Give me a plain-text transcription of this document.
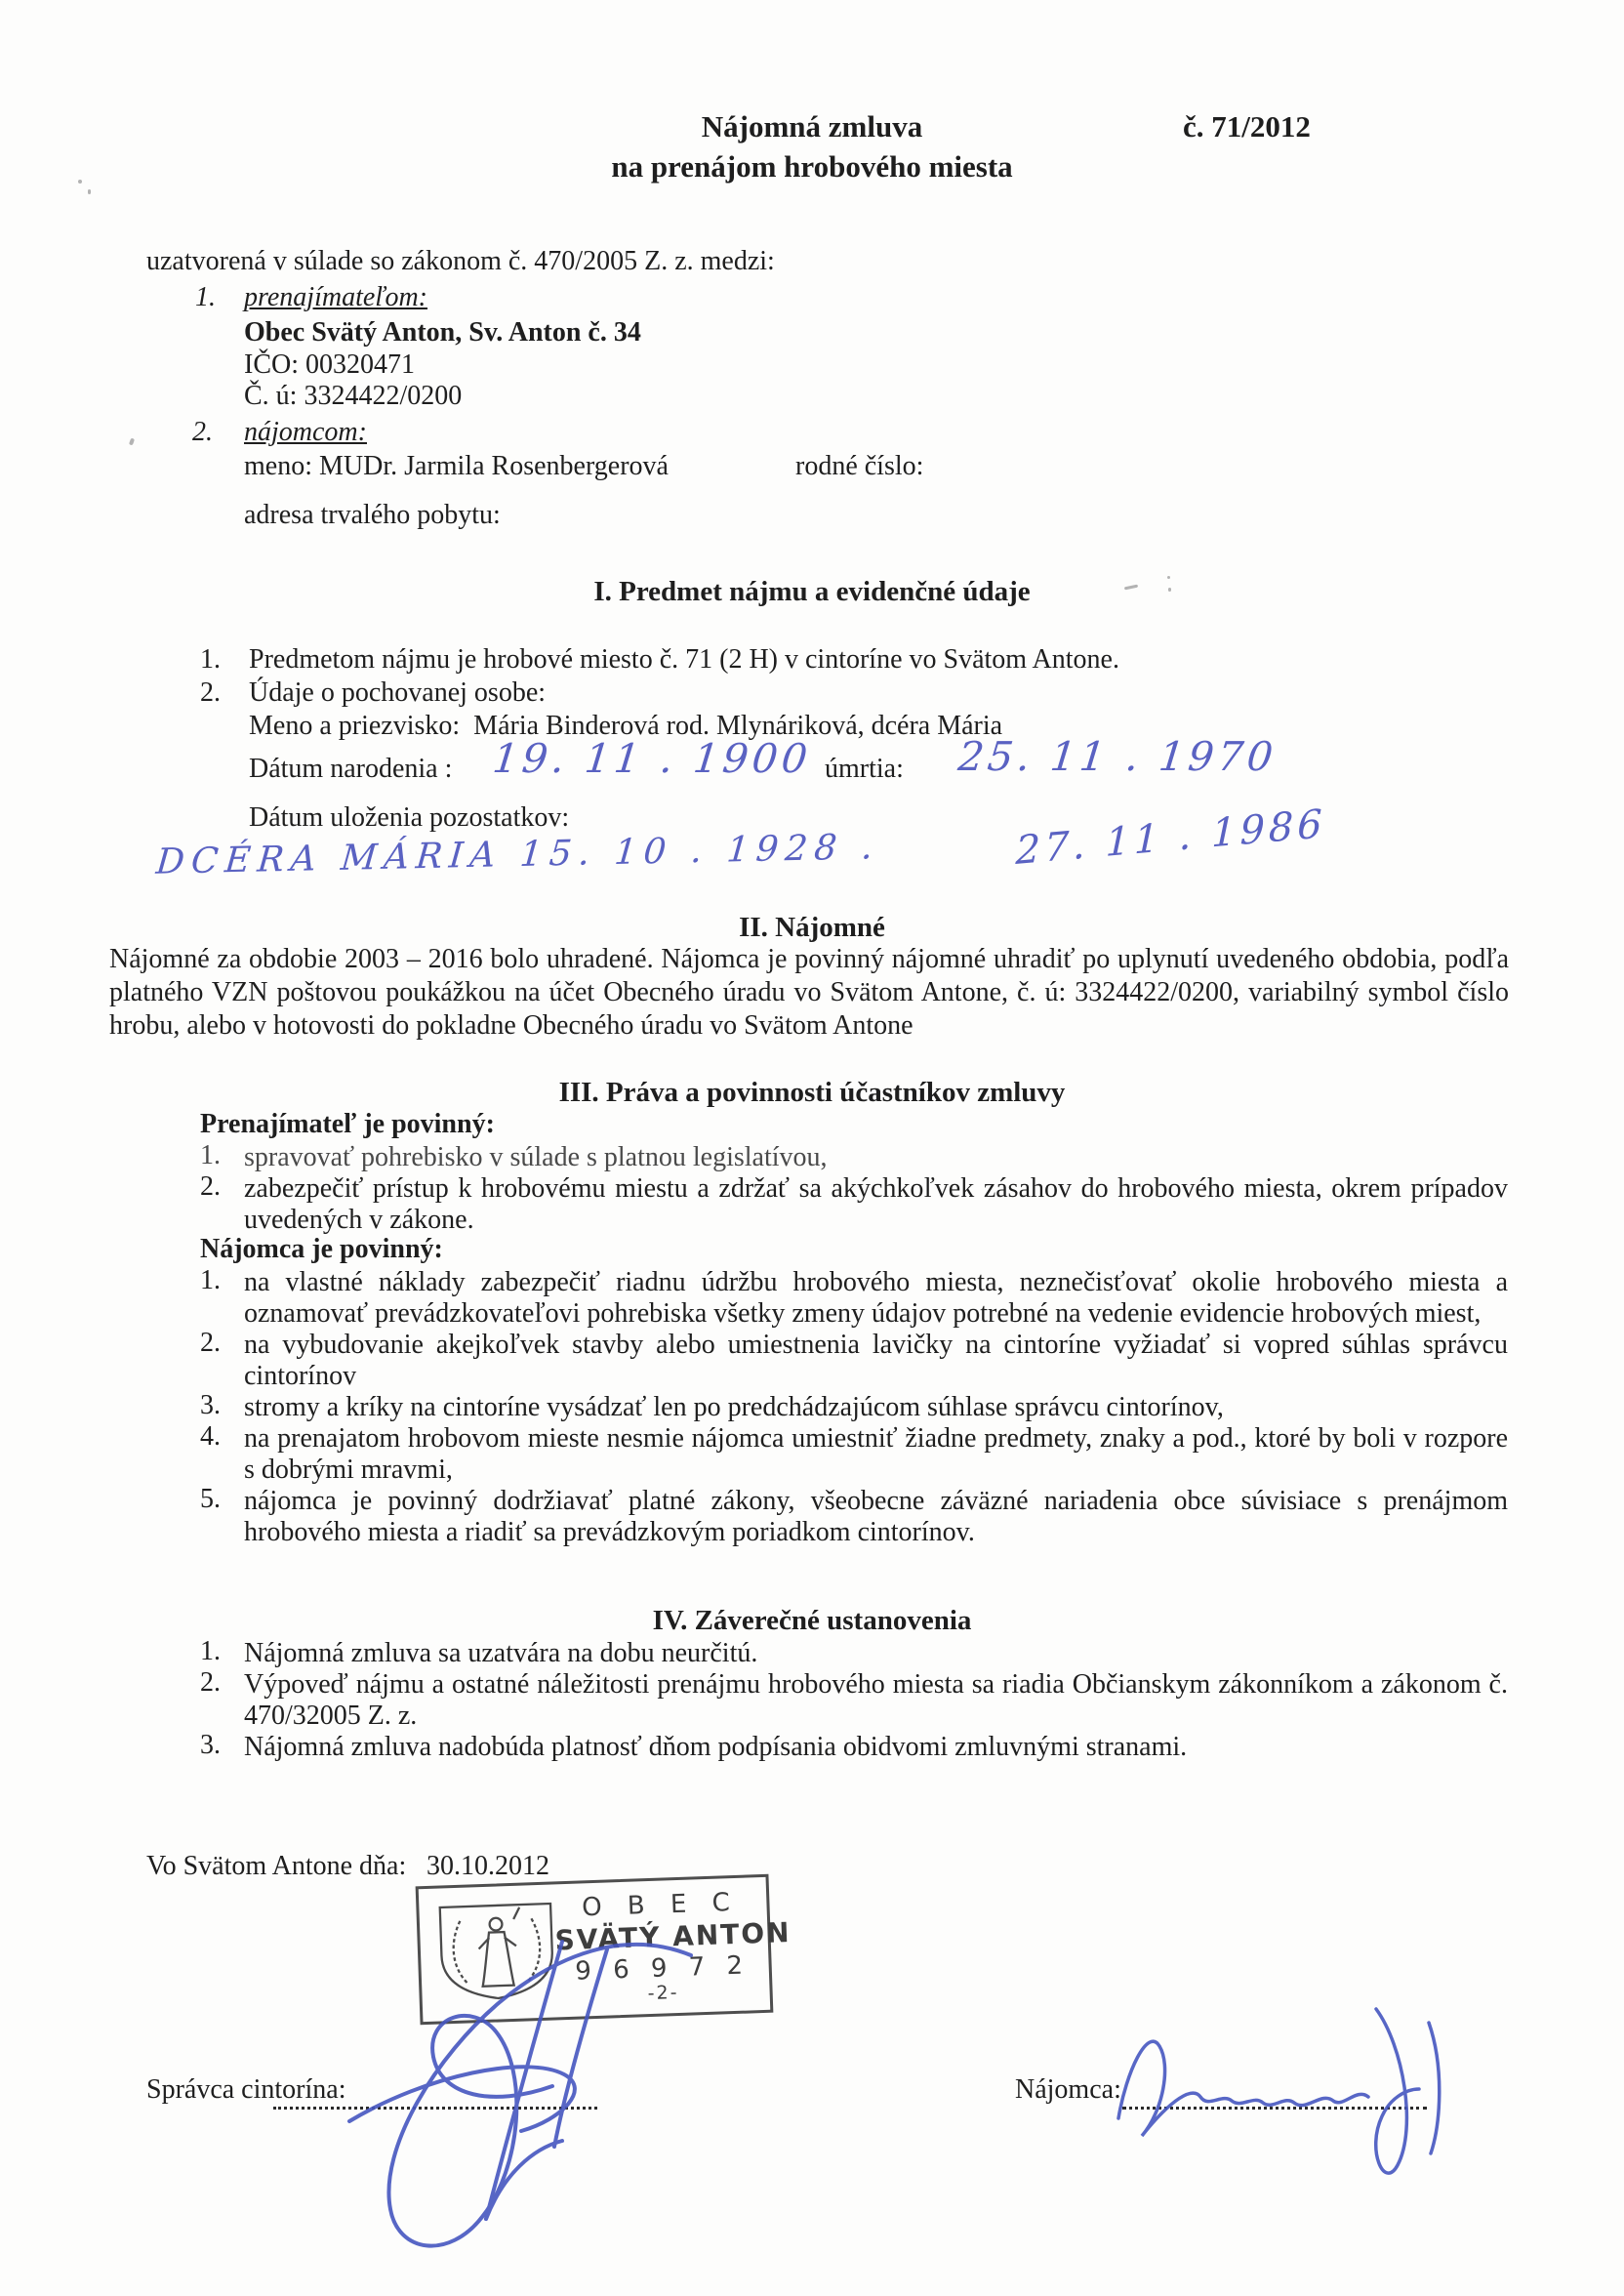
Nájomná zmluva	č. 71/2012
na prenájom hrobového miesta
uzatvorená v súlade so zákonom č. 470/2005 Z. z. medzi:
1. prenajímateľom:
Obec Svätý Anton, Sv. Anton č. 34
IČO: 00320471
Č. ú: 3324422/0200
2. nájomcom:
meno: MUDr. Jarmila Rosenbergerová	rodné číslo:
adresa trvalého pobytu:
I. Predmet nájmu a evidenčné údaje
1. Predmetom nájmu je hrobové miesto č. 71 (2 H) v cintoríne vo Svätom Antone.
2. Údaje o pochovanej osobe:
Meno a priezvisko:  Mária Binderová rod. Mlynáriková, dcéra Mária
Dátum narodenia : 19. 11 . 1900 úmrtia: 25. 11 . 1970
Dátum uloženia pozostatkov:
DCÉRA MÁRIA 15. 10 . 1928 .	27. 11 . 1986
II. Nájomné
Nájomné za obdobie 2003 – 2016 bolo uhradené. Nájomca je povinný nájomné uhradiť po uplynutí uvedeného obdobia, podľa platného VZN poštovou poukážkou na účet Obecného úradu vo Svätom Antone, č. ú: 3324422/0200, variabilný symbol číslo hrobu, alebo v hotovosti do pokladne Obecného úradu vo Svätom Antone
III. Práva a povinnosti účastníkov zmluvy
Prenajímateľ je povinný:
1. spravovať pohrebisko v súlade s platnou legislatívou,
2. zabezpečiť prístup k hrobovému miestu a zdržať sa akýchkoľvek zásahov do hrobového miesta, okrem prípadov uvedených v zákone.
Nájomca je povinný:
1. na vlastné náklady zabezpečiť riadnu údržbu hrobového miesta, neznečisťovať okolie hrobového miesta a oznamovať prevádzkovateľovi pohrebiska všetky zmeny údajov potrebné na vedenie evidencie hrobových miest,
2. na vybudovanie akejkoľvek stavby alebo umiestnenia lavičky na cintoríne vyžiadať si vopred súhlas správcu cintorínov
3. stromy a kríky na cintoríne vysádzať len po predchádzajúcom súhlase správcu cintorínov,
4. na prenajatom hrobovom mieste nesmie nájomca umiestniť žiadne predmety, znaky a pod., ktoré by boli v rozpore s dobrými mravmi,
5. nájomca je povinný dodržiavať platné zákony, všeobecne záväzné nariadenia obce súvisiace s prenájmom hrobového miesta a riadiť sa prevádzkovým poriadkom cintorínov.
IV. Záverečné ustanovenia
1. Nájomná zmluva sa uzatvára na dobu neurčitú.
2. Výpoveď nájmu a ostatné náležitosti prenájmu hrobového miesta sa riadia Občianskym zákonníkom a zákonom č. 470/32005 Z. z.
3. Nájomná zmluva nadobúda platnosť dňom podpísania obidvomi zmluvnými stranami.
Vo Svätom Antone dňa: 30.10.2012
O B E C
SVÄTÝ ANTON
9 6 9 7 2
-2-
Správca cintorína:	Nájomca:
